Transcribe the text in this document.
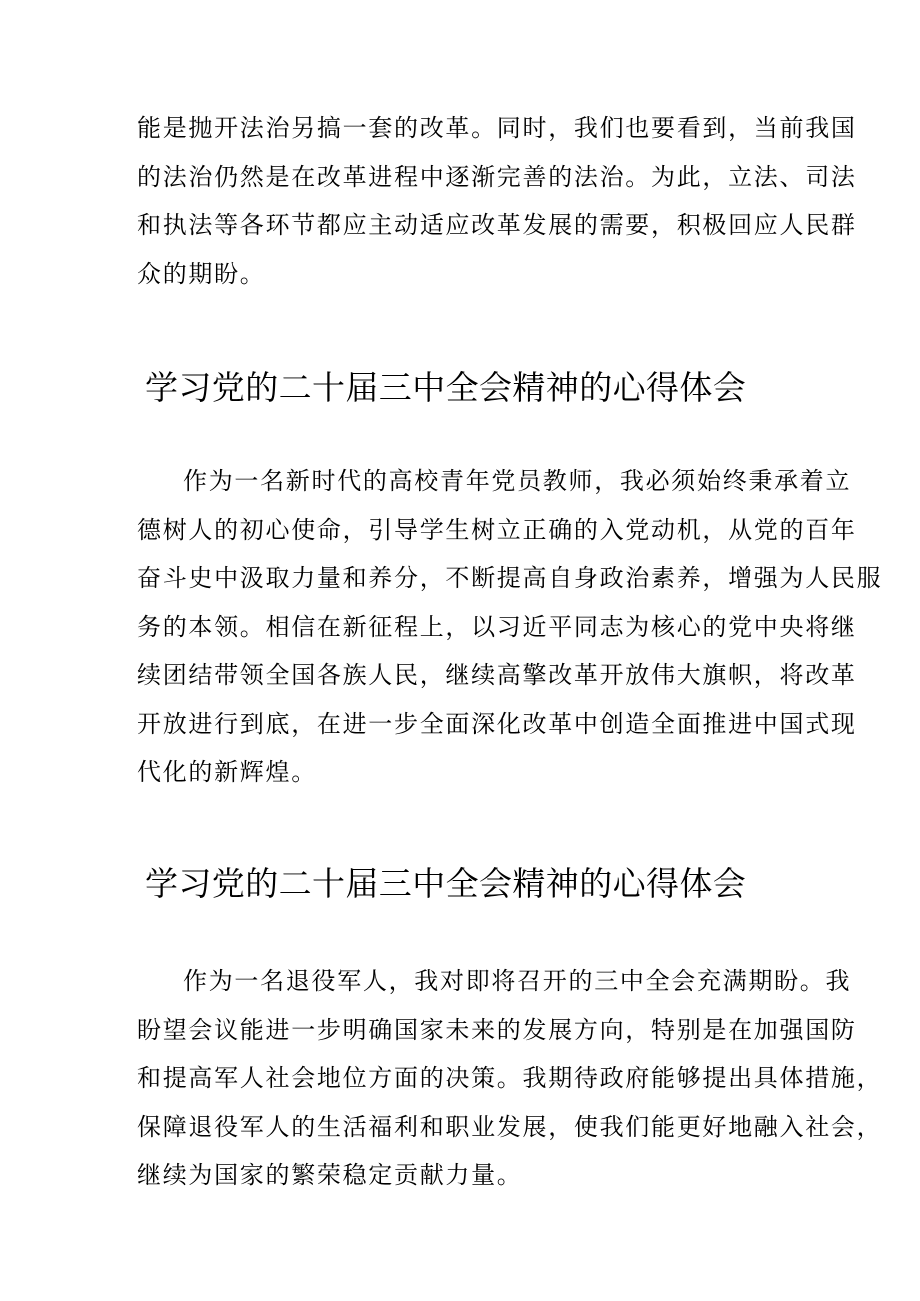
能是抛开法治另搞一套的改革。同时，我们也要看到，当前我国
的法治仍然是在改革进程中逐渐完善的法治。为此，立法、司法
和执法等各环节都应主动适应改革发展的需要，积极回应人民群
众的期盼。
学习党的二十届三中全会精神的心得体会
作为一名新时代的高校青年党员教师，我必须始终秉承着立
德树人的初心使命，引导学生树立正确的入党动机，从党的百年
奋斗史中汲取力量和养分，不断提高自身政治素养，增强为人民服
务的本领。相信在新征程上，以习近平同志为核心的党中央将继
续团结带领全国各族人民，继续高擎改革开放伟大旗帜，将改革
开放进行到底，在进一步全面深化改革中创造全面推进中国式现
代化的新辉煌。
学习党的二十届三中全会精神的心得体会
作为一名退役军人，我对即将召开的三中全会充满期盼。我
盼望会议能进一步明确国家未来的发展方向，特别是在加强国防
和提高军人社会地位方面的决策。我期待政府能够提出具体措施，
保障退役军人的生活福利和职业发展，使我们能更好地融入社会，
继续为国家的繁荣稳定贡献力量。
